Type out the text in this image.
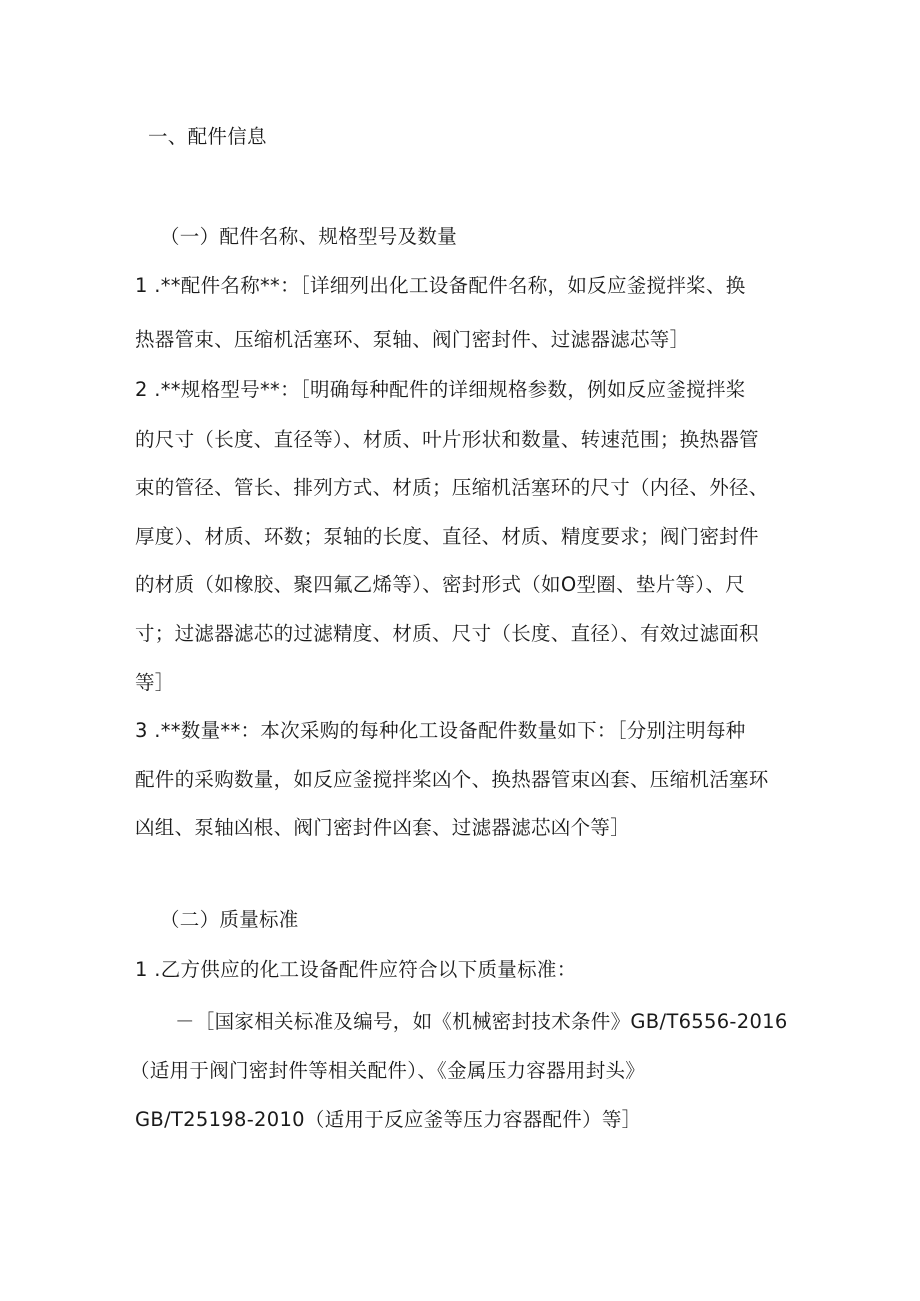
一、配件信息
（一）配件名称、规格型号及数量
1 .**配件名称**：［详细列出化工设备配件名称，如反应釜搅拌桨、换
热器管束、压缩机活塞环、泵轴、阀门密封件、过滤器滤芯等］
2 .**规格型号**：［明确每种配件的详细规格参数，例如反应釜搅拌桨
的尺寸（长度、直径等）、材质、叶片形状和数量、转速范围；换热器管
束的管径、管长、排列方式、材质；压缩机活塞环的尺寸（内径、外径、
厚度）、材质、环数；泵轴的长度、直径、材质、精度要求；阀门密封件
的材质（如橡胶、聚四氟乙烯等）、密封形式（如O型圈、垫片等）、尺
寸；过滤器滤芯的过滤精度、材质、尺寸（长度、直径）、有效过滤面积
等］
3 .**数量**：本次采购的每种化工设备配件数量如下：［分别注明每种
配件的采购数量，如反应釜搅拌桨凶个、换热器管束凶套、压缩机活塞环
凶组、泵轴凶根、阀门密封件凶套、过滤器滤芯凶个等］
（二）质量标准
1 .乙方供应的化工设备配件应符合以下质量标准：
－［国家相关标准及编号，如《机械密封技术条件》GB/T6556-2016
（适用于阀门密封件等相关配件）、《金属压力容器用封头》
GB/T25198-2010（适用于反应釜等压力容器配件）等］
